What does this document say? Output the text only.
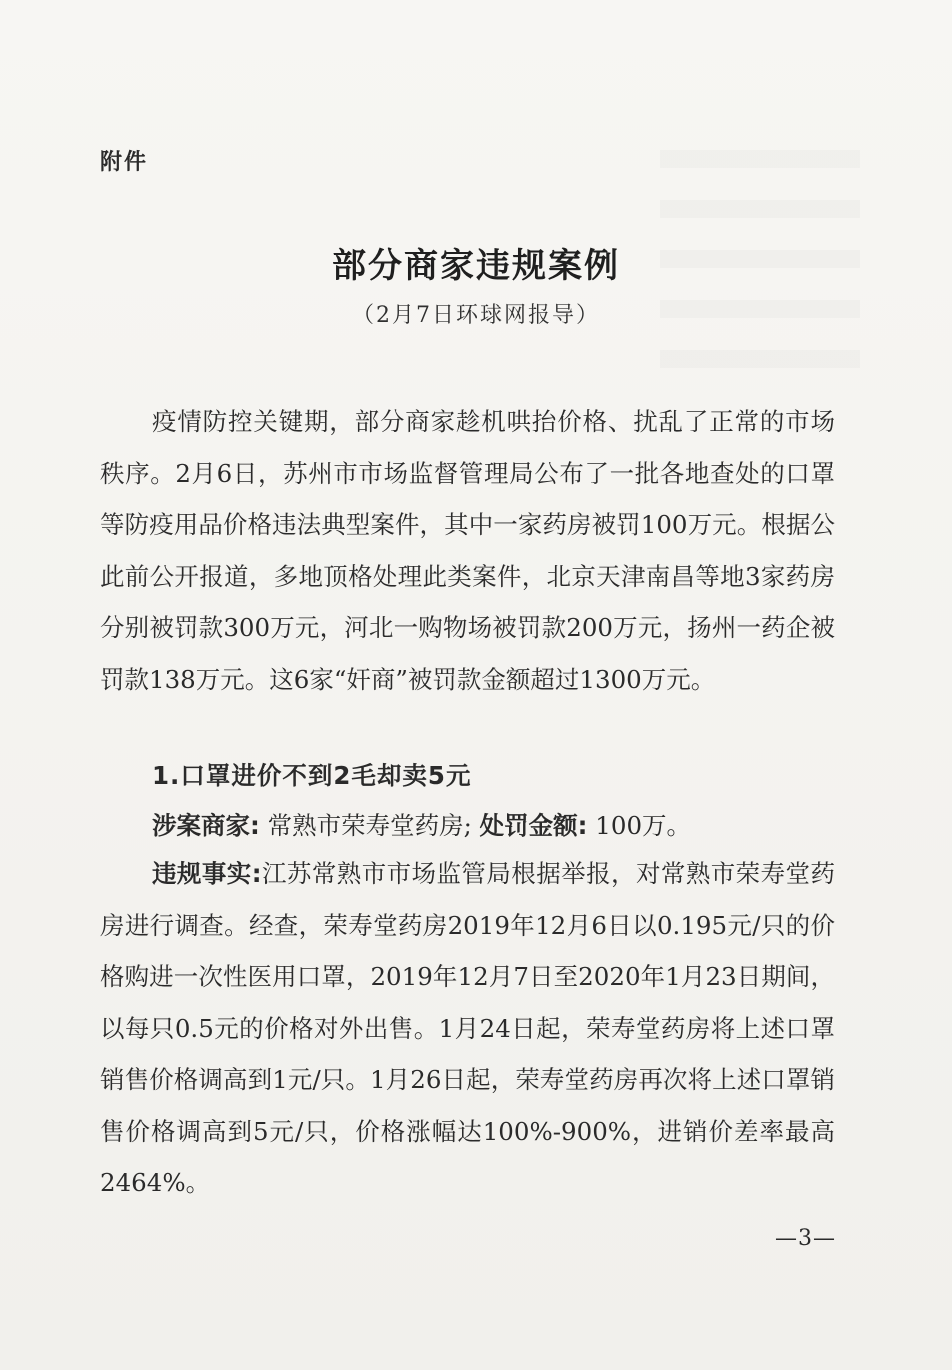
附件
部分商家违规案例
（2月7日环球网报导）

疫情防控关键期，部分商家趁机哄抬价格、扰乱了正常的市场秩序。2月6日，苏州市市场监督管理局公布了一批各地查处的口罩等防疫用品价格违法典型案件，其中一家药房被罚100万元。根据公此前公开报道，多地顶格处理此类案件，北京天津南昌等地3家药房分别被罚款300万元，河北一购物场被罚款200万元，扬州一药企被罚款138万元。这6家“奸商”被罚款金额超过1300万元。

1.口罩进价不到2毛却卖5元
涉案商家: 常熟市荣寿堂药房; 处罚金额: 100万。

违规事实:江苏常熟市市场监管局根据举报，对常熟市荣寿堂药房进行调查。经查，荣寿堂药房2019年12月6日以0.195元/只的价格购进一次性医用口罩，2019年12月7日至2020年1月23日期间，以每只0.5元的价格对外出售。1月24日起，荣寿堂药房将上述口罩销售价格调高到1元/只。1月26日起，荣寿堂药房再次将上述口罩销售价格调高到5元/只，价格涨幅达100%-900%，进销价差率最高2464%。

—3—
